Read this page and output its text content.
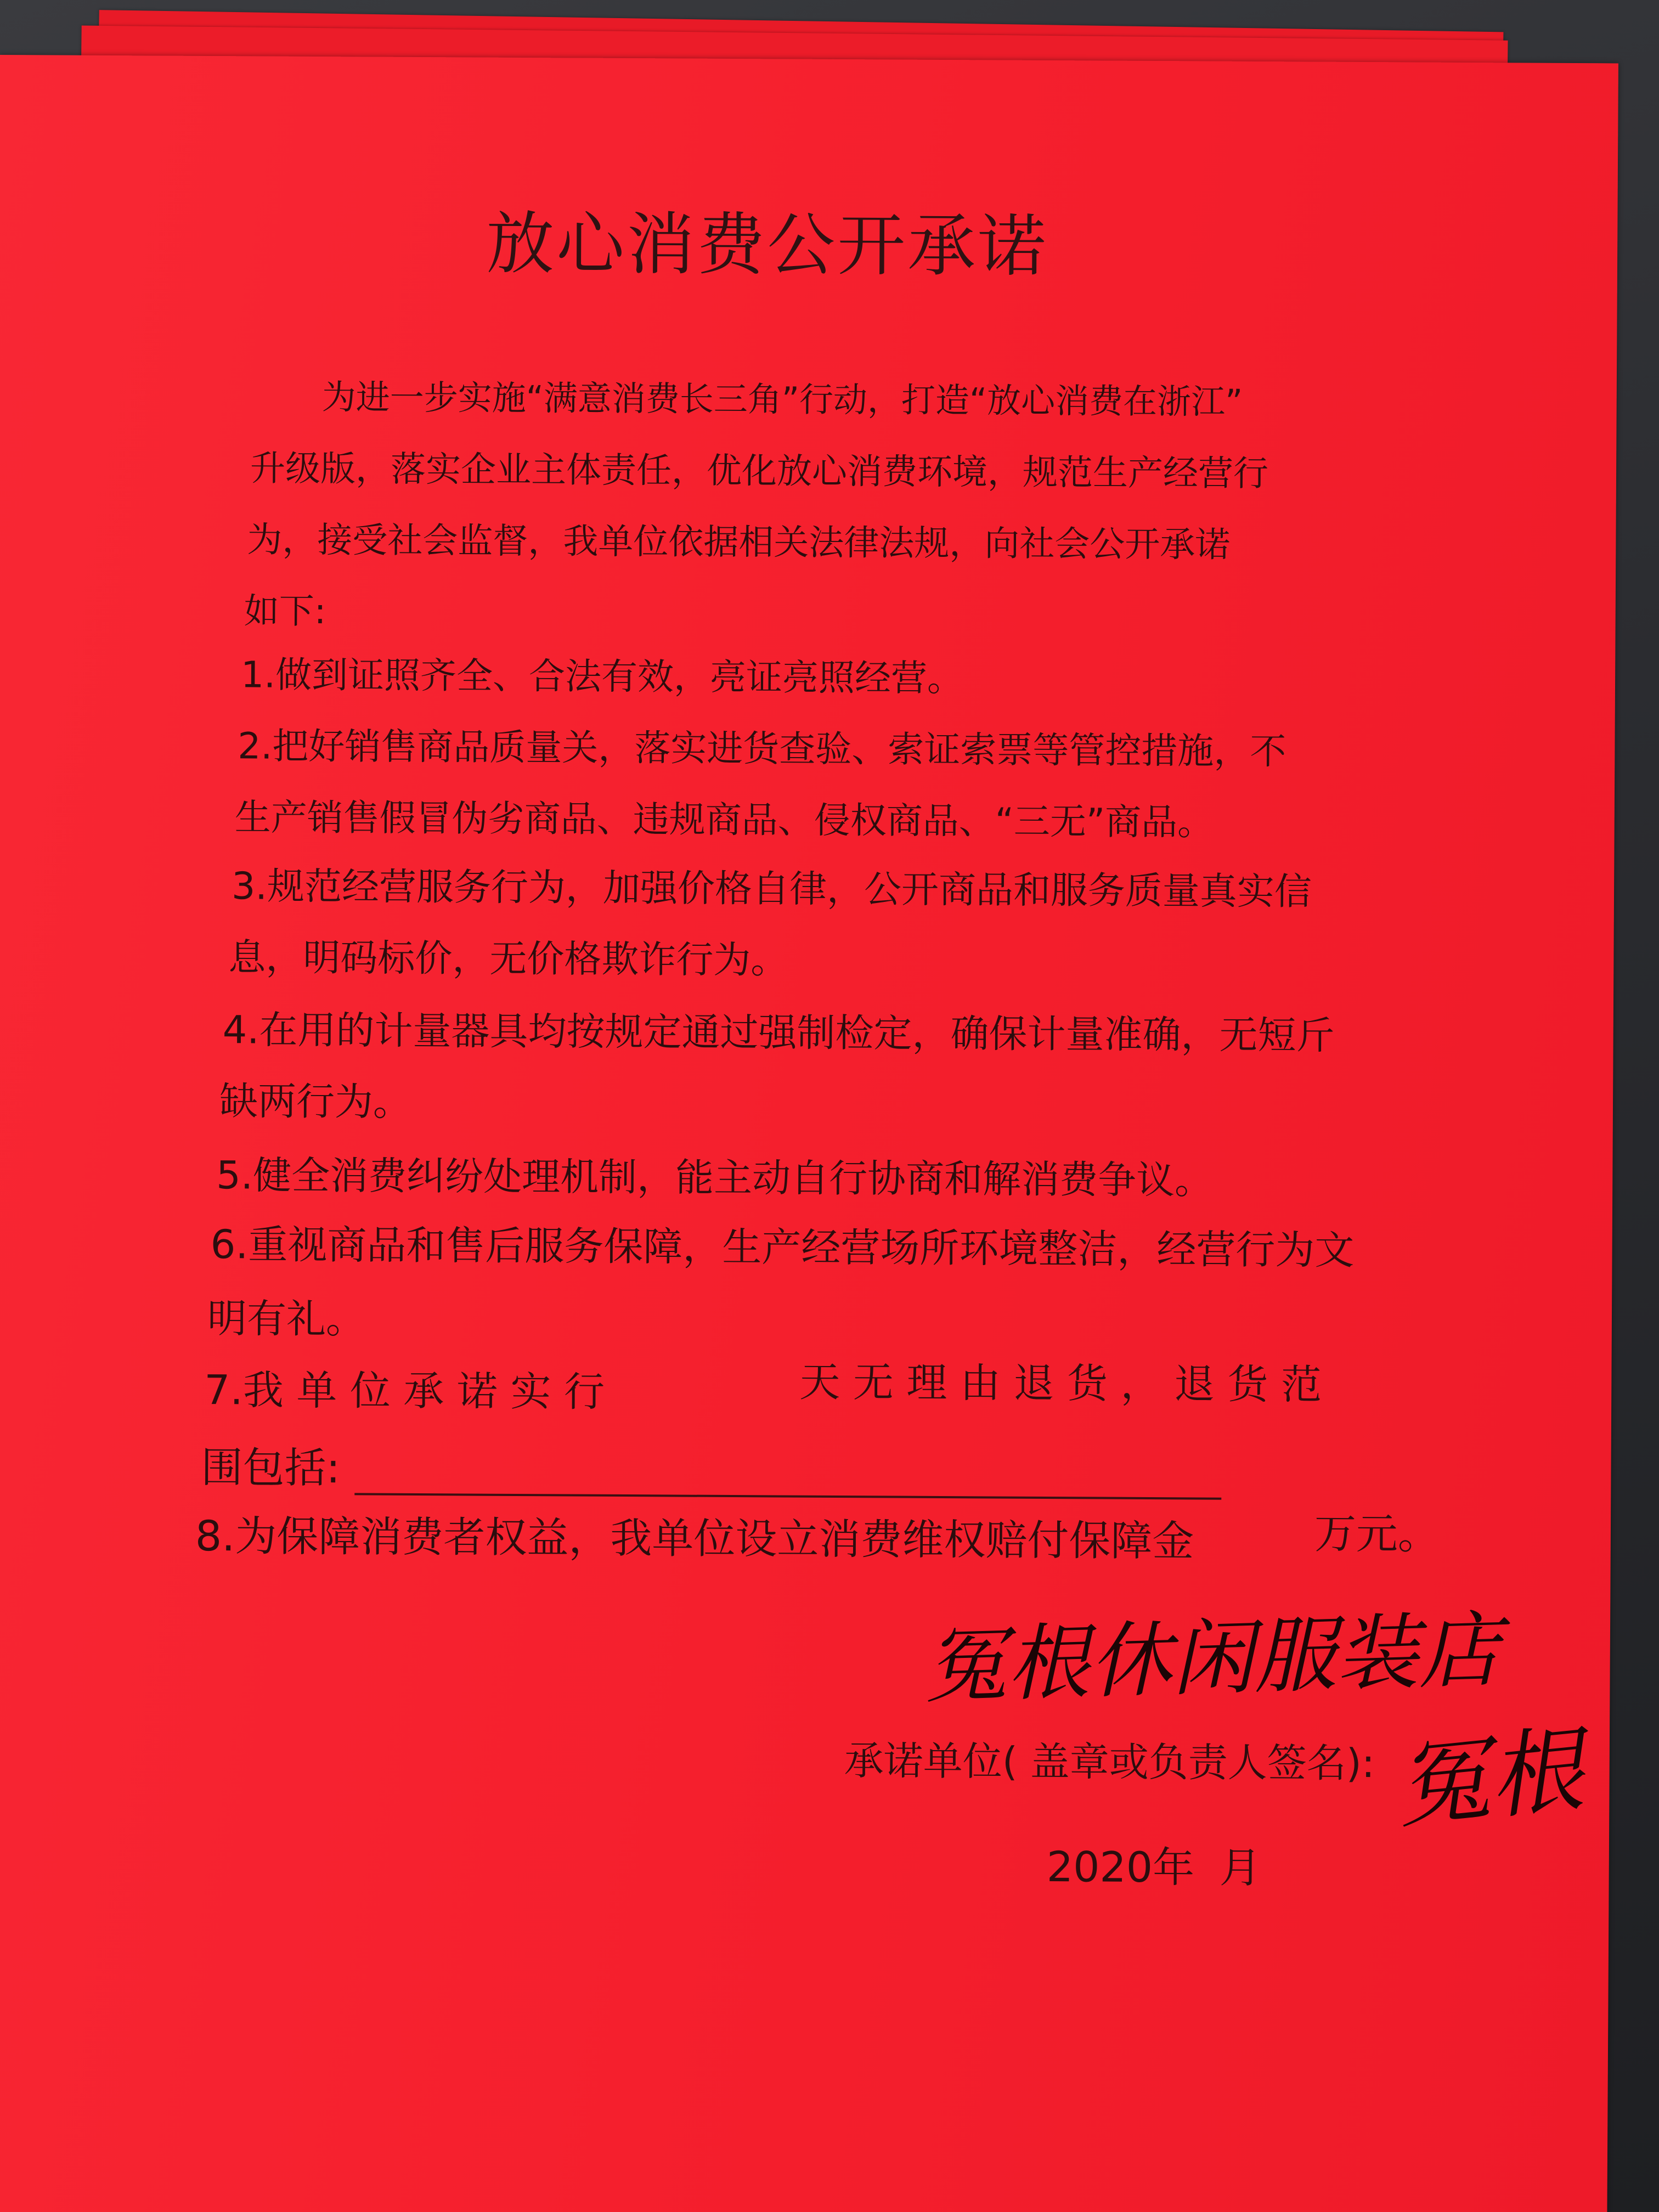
放心消费公开承诺
为进一步实施“满意消费长三角”行动，打造“放心消费在浙江”
升级版，落实企业主体责任，优化放心消费环境，规范生产经营行
为，接受社会监督，我单位依据相关法律法规，向社会公开承诺
如下:
1.做到证照齐全、合法有效，亮证亮照经营。
2.把好销售商品质量关，落实进货查验、索证索票等管控措施，不
生产销售假冒伪劣商品、违规商品、侵权商品、“三无”商品。
3.规范经营服务行为，加强价格自律，公开商品和服务质量真实信
息，明码标价，无价格欺诈行为。
4.在用的计量器具均按规定通过强制检定，确保计量准确，无短斤
缺两行为。
5.健全消费纠纷处理机制，能主动自行协商和解消费争议。
6.重视商品和售后服务保障，生产经营场所环境整洁，经营行为文
明有礼。
7.我 单 位 承 诺 实 行	天 无 理 由 退 货 ， 退 货 范
围包括:
8.为保障消费者权益，我单位设立消费维权赔付保障金	万元。
冤根休闲服装店
承诺单位( 盖章或负责人签名): 冤根
2020年 月
